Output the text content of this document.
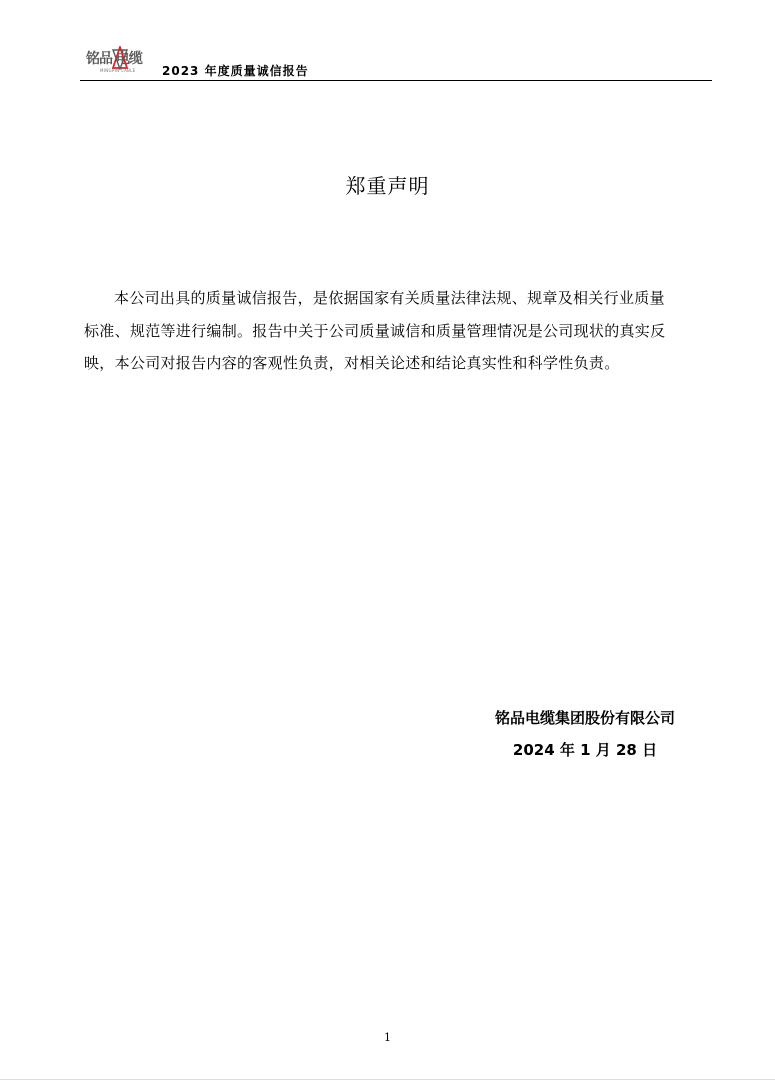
铭品 电缆
MINGPIN CABLE 2023 年度质量诚信报告
郑重声明

本公司出具的质量诚信报告，是依据国家有关质量法律法规、规章及相关行业质量标准、规范等进行编制。报告中关于公司质量诚信和质量管理情况是公司现状的真实反映，本公司对报告内容的客观性负责，对相关论述和结论真实性和科学性负责。

铭品电缆集团股份有限公司
2024 年 1 月 28 日
1
